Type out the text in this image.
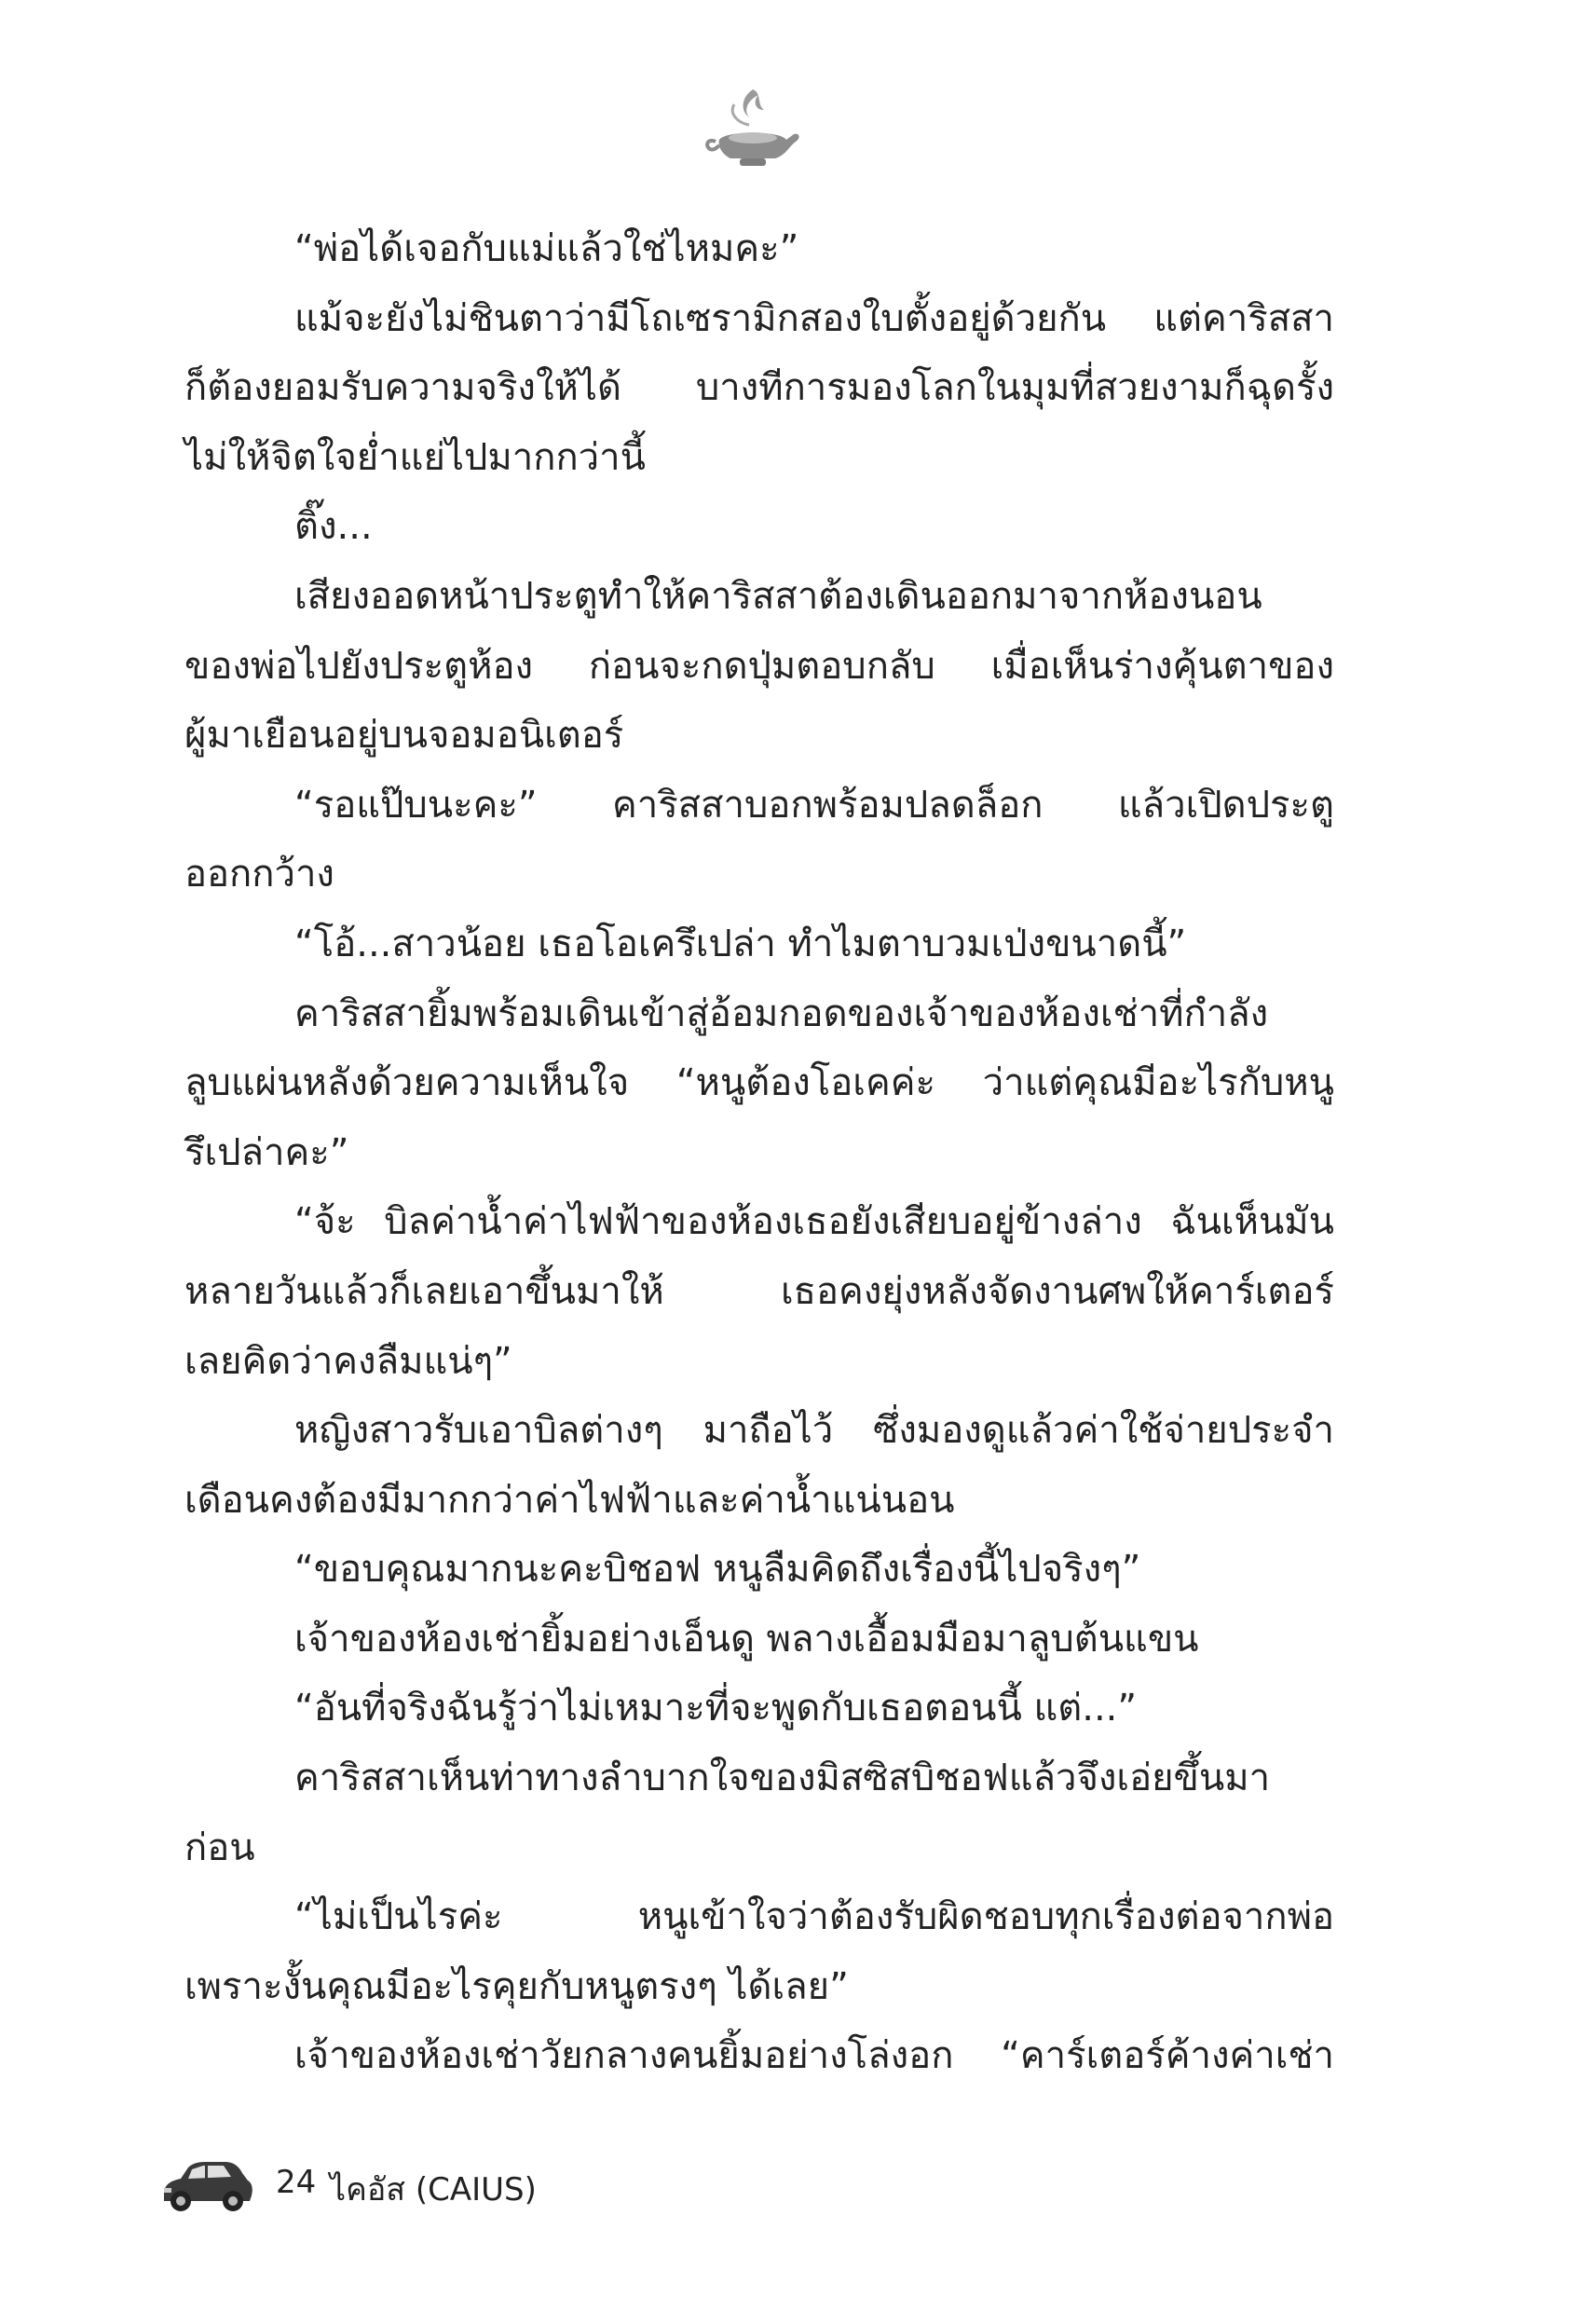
“พ่อได้เจอกับแม่แล้วใช่ไหมคะ”
แม้จะยังไม่ชินตาว่ามีโถเซรามิกสองใบตั้งอยู่ด้วยกัน แต่คาริสสา
ก็ต้องยอมรับความจริงให้ได้ บางทีการมองโลกในมุมที่สวยงามก็ฉุดรั้ง
ไม่ให้จิตใจย่ำแย่ไปมากกว่านี้
ติ๊ง...
เสียงออดหน้าประตูทำให้คาริสสาต้องเดินออกมาจากห้องนอน
ของพ่อไปยังประตูห้อง ก่อนจะกดปุ่มตอบกลับ เมื่อเห็นร่างคุ้นตาของ
ผู้มาเยือนอยู่บนจอมอนิเตอร์
“รอแป๊บนะคะ” คาริสสาบอกพร้อมปลดล็อก แล้วเปิดประตู
ออกกว้าง
“โอ้...สาวน้อย เธอโอเครึเปล่า ทำไมตาบวมเป่งขนาดนี้”
คาริสสายิ้มพร้อมเดินเข้าสู่อ้อมกอดของเจ้าของห้องเช่าที่กำลัง
ลูบแผ่นหลังด้วยความเห็นใจ “หนูต้องโอเคค่ะ ว่าแต่คุณมีอะไรกับหนู
รึเปล่าคะ”
“จ้ะ บิลค่าน้ำค่าไฟฟ้าของห้องเธอยังเสียบอยู่ข้างล่าง ฉันเห็นมัน
หลายวันแล้วก็เลยเอาขึ้นมาให้ เธอคงยุ่งหลังจัดงานศพให้คาร์เตอร์
เลยคิดว่าคงลืมแน่ๆ”
หญิงสาวรับเอาบิลต่างๆ มาถือไว้ ซึ่งมองดูแล้วค่าใช้จ่ายประจำ
เดือนคงต้องมีมากกว่าค่าไฟฟ้าและค่าน้ำแน่นอน
“ขอบคุณมากนะคะบิชอฟ หนูลืมคิดถึงเรื่องนี้ไปจริงๆ”
เจ้าของห้องเช่ายิ้มอย่างเอ็นดู พลางเอื้อมมือมาลูบต้นแขน
“อันที่จริงฉันรู้ว่าไม่เหมาะที่จะพูดกับเธอตอนนี้ แต่...”
คาริสสาเห็นท่าทางลำบากใจของมิสซิสบิชอฟแล้วจึงเอ่ยขึ้นมา
ก่อน
“ไม่เป็นไรค่ะ หนูเข้าใจว่าต้องรับผิดชอบทุกเรื่องต่อจากพ่อ
เพราะงั้นคุณมีอะไรคุยกับหนูตรงๆ ได้เลย”
เจ้าของห้องเช่าวัยกลางคนยิ้มอย่างโล่งอก “คาร์เตอร์ค้างค่าเช่า
24 ไคอัส (CAIUS)
